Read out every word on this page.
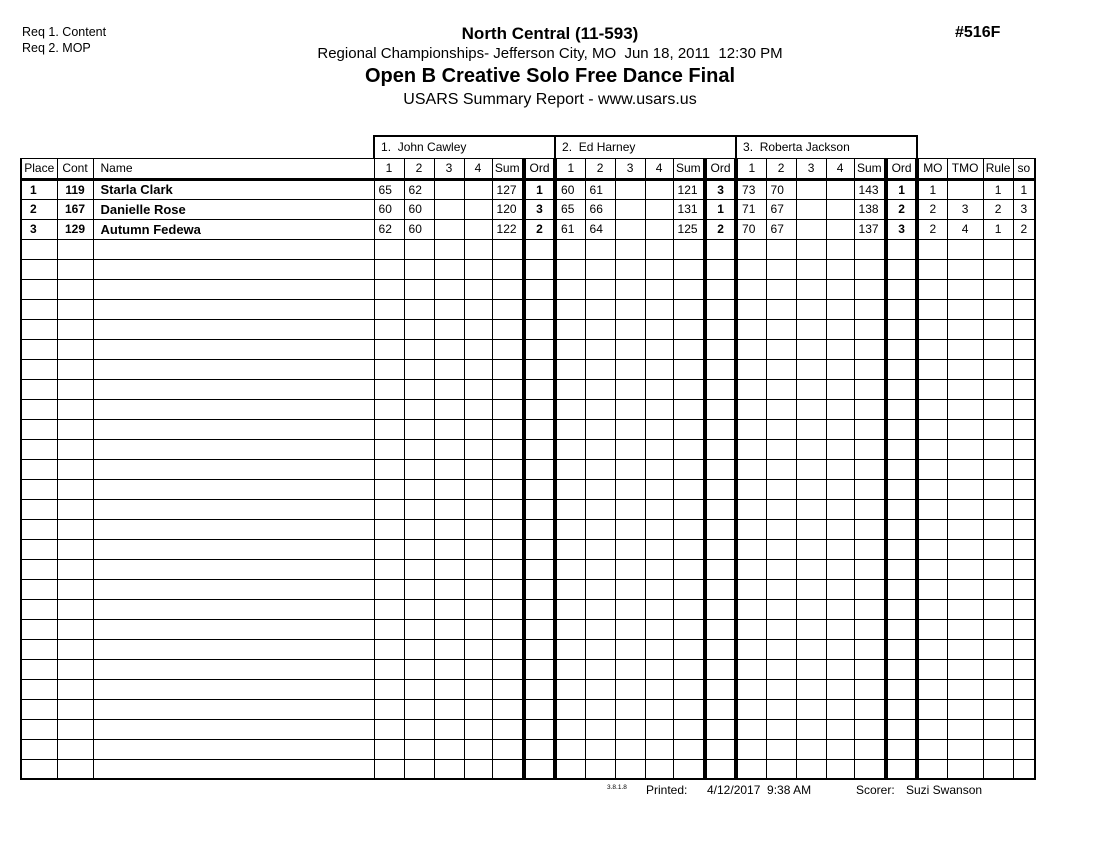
Req 1. Content
Req 2. MOP
#516F
North Central (11-593)
Regional Championships- Jefferson City, MO  Jun 18, 2011  12:30 PM
Open B Creative Solo Free Dance Final
USARS Summary Report - www.usars.us
			1.  John Cawley						2.  Ed Harney						3.  Roberta Jackson									
Place	Cont	Name	1	2	3	4	Sum	Ord	1	2	3	4	Sum	Ord	1	2	3	4	Sum	Ord	MO	TMO	Rule	so
1	119	Starla Clark	65	62			127	1	60	61			121	3	73	70			143	1	1		1	1
2	167	Danielle Rose	60	60			120	3	65	66			131	1	71	67			138	2	2	3	2	3
3	129	Autumn Fedewa	62	60			122	2	61	64			125	2	70	67			137	3	2	4	1	2

3.8.1.8 Printed: 4/12/2017  9:38 AM	Scorer: Suzi Swanson
